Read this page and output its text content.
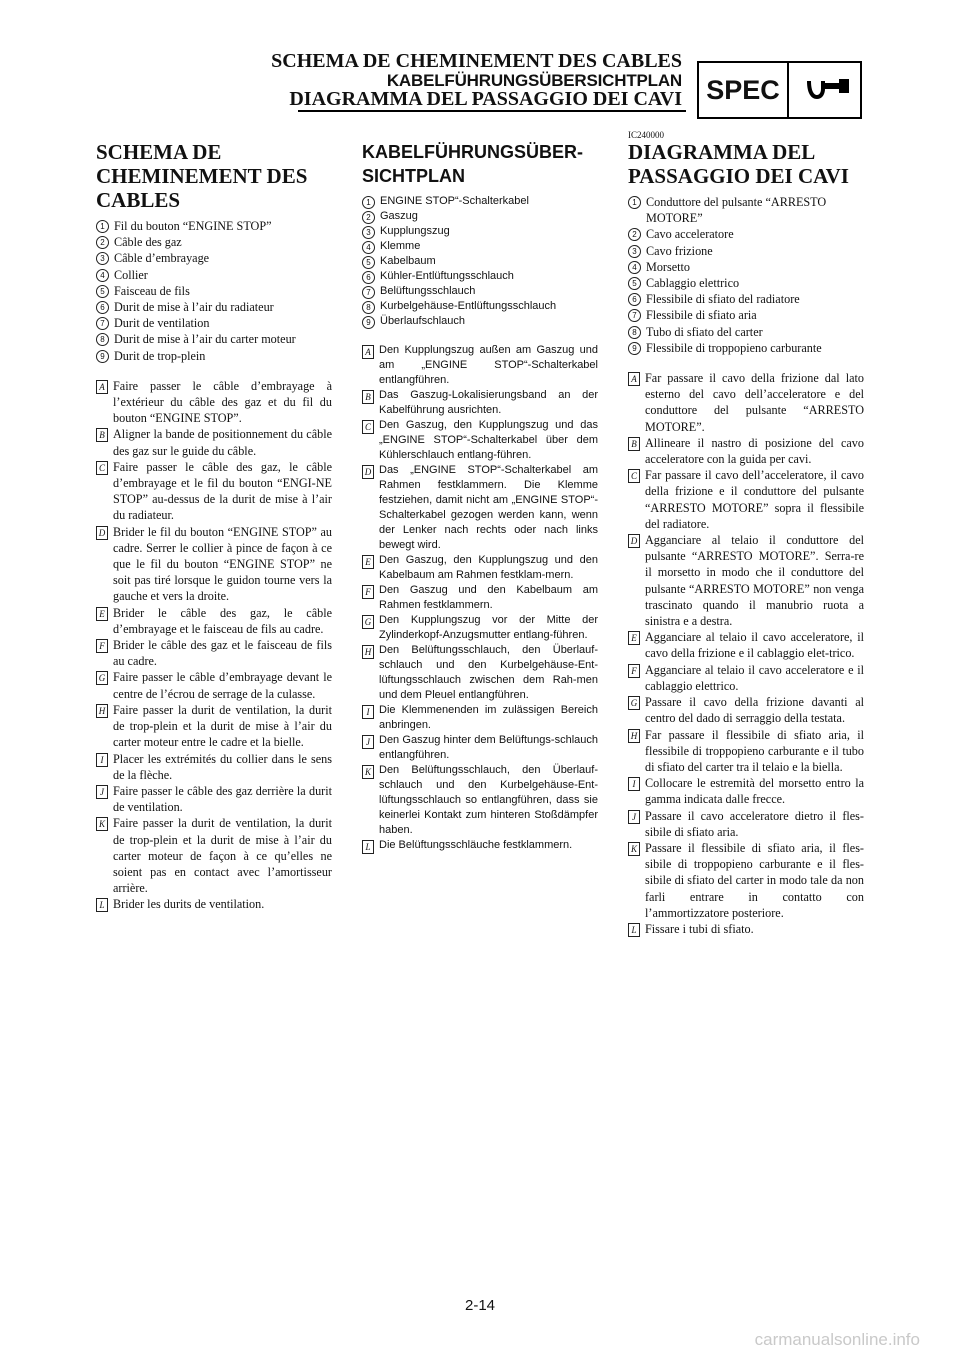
SCHEMA DE CHEMINEMENT DES CABLES
KABELFÜHRUNGSÜBERSICHTPLAN
DIAGRAMMA DEL PASSAGGIO DEI CAVI SPEC
SCHEMA DE CHEMINEMENT DES CABLES
1 Fil du bouton “ENGINE STOP”
2 Câble des gaz
3 Câble d’embrayage
4 Collier
5 Faisceau de fils
6 Durit de mise à l’air du radiateur
7 Durit de ventilation
8 Durit de mise à l’air du carter moteur
9 Durit de trop-plein
A Faire passer le câble d’embrayage à l’extérieur du câble des gaz et du fil du bouton “ENGINE STOP”.
B Aligner la bande de positionnement du câble des gaz sur le guide du câble.
C Faire passer le câble des gaz, le câble d’embrayage et le fil du bouton “ENGI-NE STOP” au-dessus de la durit de mise à l’air du radiateur.
D Brider le fil du bouton “ENGINE STOP” au cadre. Serrer le collier à pince de façon à ce que le fil du bouton “ENGINE STOP” ne soit pas tiré lorsque le guidon tourne vers la gauche et vers la droite.
E Brider le câble des gaz, le câble d’embrayage et le faisceau de fils au cadre.
F Brider le câble des gaz et le faisceau de fils au cadre.
G Faire passer le câble d’embrayage devant le centre de l’écrou de serrage de la culasse.
H Faire passer la durit de ventilation, la durit de trop-plein et la durit de mise à l’air du carter moteur entre le cadre et la bielle.
I Placer les extrémités du collier dans le sens de la flèche.
J Faire passer le câble des gaz derrière la durit de ventilation.
K Faire passer la durit de ventilation, la durit de trop-plein et la durit de mise à l’air du carter moteur de façon à ce qu’elles ne soient pas en contact avec l’amortisseur arrière.
L Brider les durits de ventilation.
KABELFÜHRUNGSÜBER-SICHTPLAN
1 ENGINE STOP“-Schalterkabel
2 Gaszug
3 Kupplungszug
4 Klemme
5 Kabelbaum
6 Kühler-Entlüftungsschlauch
7 Belüftungsschlauch
8 Kurbelgehäuse-Entlüftungsschlauch
9 Überlaufschlauch
A Den Kupplungszug außen am Gaszug und am „ENGINE STOP“-Schalterkabel entlangführen.
B Das Gaszug-Lokalisierungsband an der Kabelführung ausrichten.
C Den Gaszug, den Kupplungszug und das „ENGINE STOP“-Schalterkabel über dem Kühlerschlauch entlang-führen.
D Das „ENGINE STOP“-Schalterkabel am Rahmen festklammern. Die Klemme festziehen, damit nicht am „ENGINE STOP“-Schalterkabel gezogen werden kann, wenn der Lenker nach rechts oder nach links bewegt wird.
E Den Gaszug, den Kupplungszug und den Kabelbaum am Rahmen festklam-mern.
F Den Gaszug und den Kabelbaum am Rahmen festklammern.
G Den Kupplungszug vor der Mitte der Zylinderkopf-Anzugsmutter entlang-führen.
H Den Belüftungsschlauch, den Überlauf-schlauch und den Kurbelgehäuse-Ent-lüftungsschlauch zwischen dem Rah-men und dem Pleuel entlangführen.
I Die Klemmenenden im zulässigen Bereich anbringen.
J Den Gaszug hinter dem Belüftungs-schlauch entlangführen.
K Den Belüftungsschlauch, den Überlauf-schlauch und den Kurbelgehäuse-Ent-lüftungsschlauch so entlangführen, dass sie keinerlei Kontakt zum hinteren Stoßdämpfer haben.
L Die Belüftungsschläuche festklammern.
IC240000
DIAGRAMMA DEL PASSAGGIO DEI CAVI
1 Conduttore del pulsante “ARRESTO MOTORE”
2 Cavo acceleratore
3 Cavo frizione
4 Morsetto
5 Cablaggio elettrico
6 Flessibile di sfiato del radiatore
7 Flessibile di sfiato aria
8 Tubo di sfiato del carter
9 Flessibile di troppopieno carburante
A Far passare il cavo della frizione dal lato esterno del cavo dell’acceleratore e del conduttore del pulsante “ARRESTO MOTORE”.
B Allineare il nastro di posizione del cavo acceleratore con la guida per cavi.
C Far passare il cavo dell’acceleratore, il cavo della frizione e il conduttore del pulsante “ARRESTO MOTORE” sopra il flessibile del radiatore.
D Agganciare al telaio il conduttore del pulsante “ARRESTO MOTORE”. Serra-re il morsetto in modo che il conduttore del pulsante “ARRESTO MOTORE” non venga trascinato quando il manubrio ruota a sinistra e a destra.
E Agganciare al telaio il cavo acceleratore, il cavo della frizione e il cablaggio elet-trico.
F Agganciare al telaio il cavo acceleratore e il cablaggio elettrico.
G Passare il cavo della frizione davanti al centro del dado di serraggio della testata.
H Far passare il flessibile di sfiato aria, il flessibile di troppopieno carburante e il tubo di sfiato del carter tra il telaio e la biella.
I Collocare le estremità del morsetto entro la gamma indicata dalle frecce.
J Passare il cavo acceleratore dietro il fles-sibile di sfiato aria.
K Passare il flessibile di sfiato aria, il fles-sibile di troppopieno carburante e il fles-sibile di sfiato del carter in modo tale da non farli entrare in contatto con l’ammortizzatore posteriore.
L Fissare i tubi di sfiato.
2-14
carmanualsonline.info
